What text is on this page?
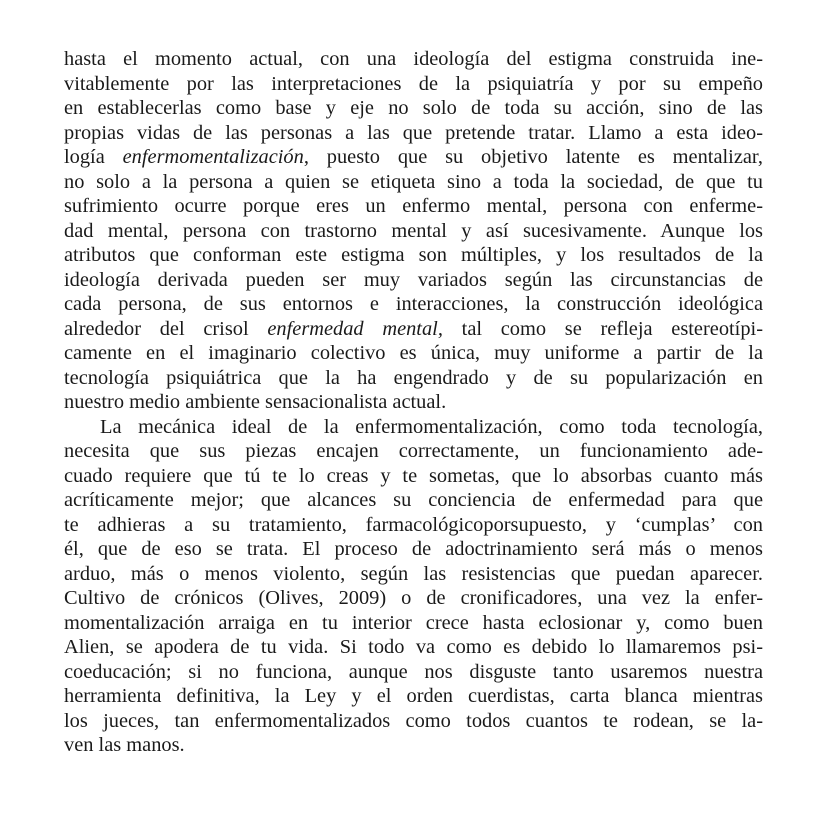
hasta el momento actual, con una ideología del estigma construida ine-
vitablemente por las interpretaciones de la psiquiatría y por su empeño
en establecerlas como base y eje no solo de toda su acción, sino de las
propias vidas de las personas a las que pretende tratar. Llamo a esta ideo-
logía enfermomentalización, puesto que su objetivo latente es mentalizar,
no solo a la persona a quien se etiqueta sino a toda la sociedad, de que tu
sufrimiento ocurre porque eres un enfermo mental, persona con enferme-
dad mental, persona con trastorno mental y así sucesivamente. Aunque los
atributos que conforman este estigma son múltiples, y los resultados de la
ideología derivada pueden ser muy variados según las circunstancias de
cada persona, de sus entornos e interacciones, la construcción ideológica
alrededor del crisol enfermedad mental, tal como se refleja estereotípi-
camente en el imaginario colectivo es única, muy uniforme a partir de la
tecnología psiquiátrica que la ha engendrado y de su popularización en
nuestro medio ambiente sensacionalista actual.
La mecánica ideal de la enfermomentalización, como toda tecnología,
necesita que sus piezas encajen correctamente, un funcionamiento ade-
cuado requiere que tú te lo creas y te sometas, que lo absorbas cuanto más
acríticamente mejor; que alcances su conciencia de enfermedad para que
te adhieras a su tratamiento, farmacológicoporsupuesto, y ‘cumplas’ con
él, que de eso se trata. El proceso de adoctrinamiento será más o menos
arduo, más o menos violento, según las resistencias que puedan aparecer.
Cultivo de crónicos (Olives, 2009) o de cronificadores, una vez la enfer-
momentalización arraiga en tu interior crece hasta eclosionar y, como buen
Alien, se apodera de tu vida. Si todo va como es debido lo llamaremos psi-
coeducación; si no funciona, aunque nos disguste tanto usaremos nuestra
herramienta definitiva, la Ley y el orden cuerdistas, carta blanca mientras
los jueces, tan enfermomentalizados como todos cuantos te rodean, se la-
ven las manos.
